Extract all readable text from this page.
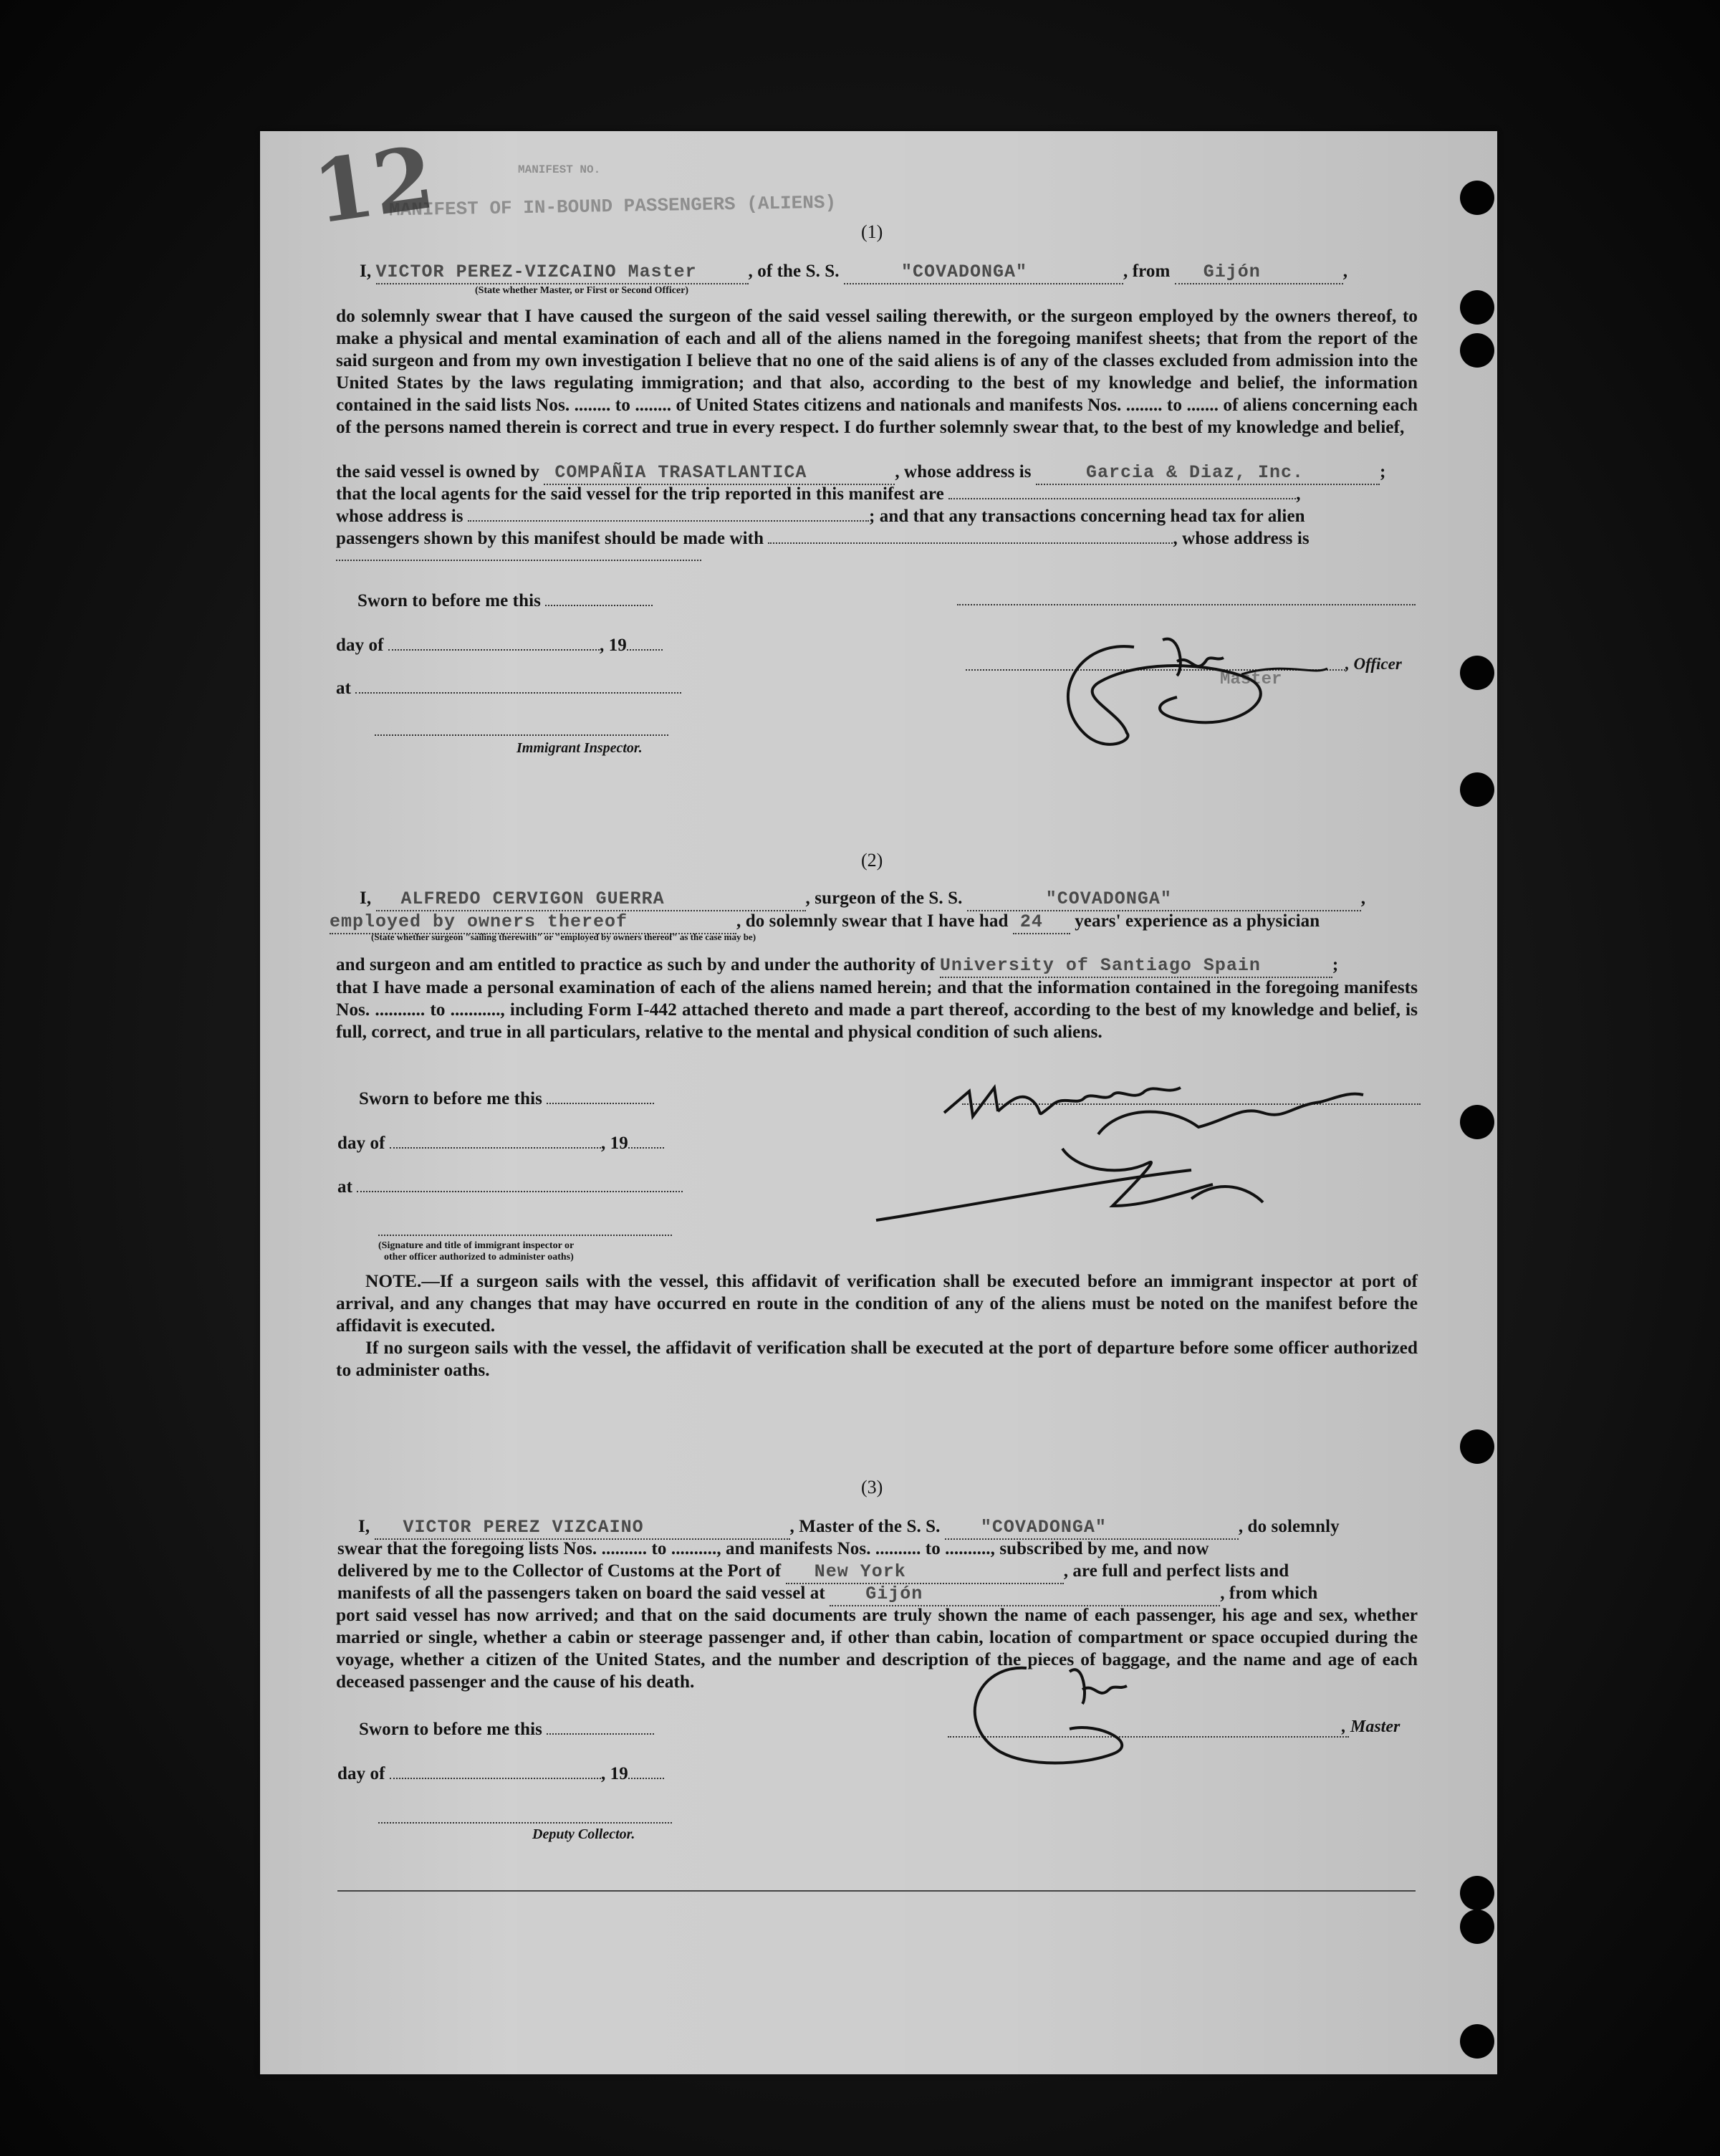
MANIFEST NO.
MANIFEST OF IN-BOUND PASSENGERS (ALIENS)
12	(1)
I, VICTOR PEREZ-VIZCAINO Master	, of the S. S.	"COVADONGA"	, from Gijón	,
(State whether Master, or First or Second Officer)
do solemnly swear that I have caused the surgeon of the said vessel sailing therewith, or the surgeon employed by the owners thereof, to make a physical and mental examination of each and all of the aliens named in the foregoing manifest sheets; that from the report of the said surgeon and from my own investigation I believe that no one of the said aliens is of any of the classes excluded from admission into the United States by the laws regulating immigration; and that also, according to the best of my knowledge and belief, the information contained in the said lists Nos. ........ to ........ of United States citizens and nationals and manifests Nos. ........ to ....... of aliens concerning each of the persons named therein is correct and true in every respect. I do further solemnly swear that, to the best of my knowledge and belief,
the said vessel is owned by COMPAÑIA TRASATLANTICA	, whose address is	Garcia & Diaz, Inc.	;
that the local agents for the said vessel for the trip reported in this manifest are	,
whose address is	; and that any transactions concerning head tax for alien
passengers shown by this manifest should be made with	, whose address is
Sworn to before me this
day of	, 19
at
Immigrant Inspector.
, Officer
Master
(2)
I, ALFREDO CERVIGON GUERRA	, surgeon of the S. S.	"COVADONGA"	,
employed by owners thereof	, do solemnly swear that I have had 24 years' experience as a physician
(State whether surgeon "sailing therewith" or "employed by owners thereof" as the case may be)
and surgeon and am entitled to practice as such by and under the authority of University of Santiago Spain	;
that I have made a personal examination of each of the aliens named herein; and that the information contained in the foregoing manifests Nos. ........... to ..........., including Form I-442 attached thereto and made a part thereof, according to the best of my knowledge and belief, is full, correct, and true in all particulars, relative to the mental and physical condition of such aliens.
Sworn to before me this
day of	, 19
at
(Signature and title of immigrant inspector or
other officer authorized to administer oaths)
NOTE.—If a surgeon sails with the vessel, this affidavit of verification shall be executed before an immigrant inspector at port of arrival, and any changes that may have occurred en route in the condition of any of the aliens must be noted on the manifest before the affidavit is executed.
If no surgeon sails with the vessel, the affidavit of verification shall be executed at the port of departure before some officer authorized to administer oaths.
(3)
I, VICTOR PEREZ VIZCAINO	, Master of the S. S. "COVADONGA"	, do solemnly
swear that the foregoing lists Nos. .......... to .........., and manifests Nos. .......... to .........., subscribed by me, and now
delivered by me to the Collector of Customs at the Port of New York	, are full and perfect lists and
manifests of all the passengers taken on board the said vessel at Gijón	, from which
port said vessel has now arrived; and that on the said documents are truly shown the name of each passenger, his age and sex, whether married or single, whether a cabin or steerage passenger and, if other than cabin, location of compartment or space occupied during the voyage, whether a citizen of the United States, and the number and description of the pieces of baggage, and the name and age of each deceased passenger and the cause of his death.
Sworn to before me this
day of	, 19
Deputy Collector.
, Master
